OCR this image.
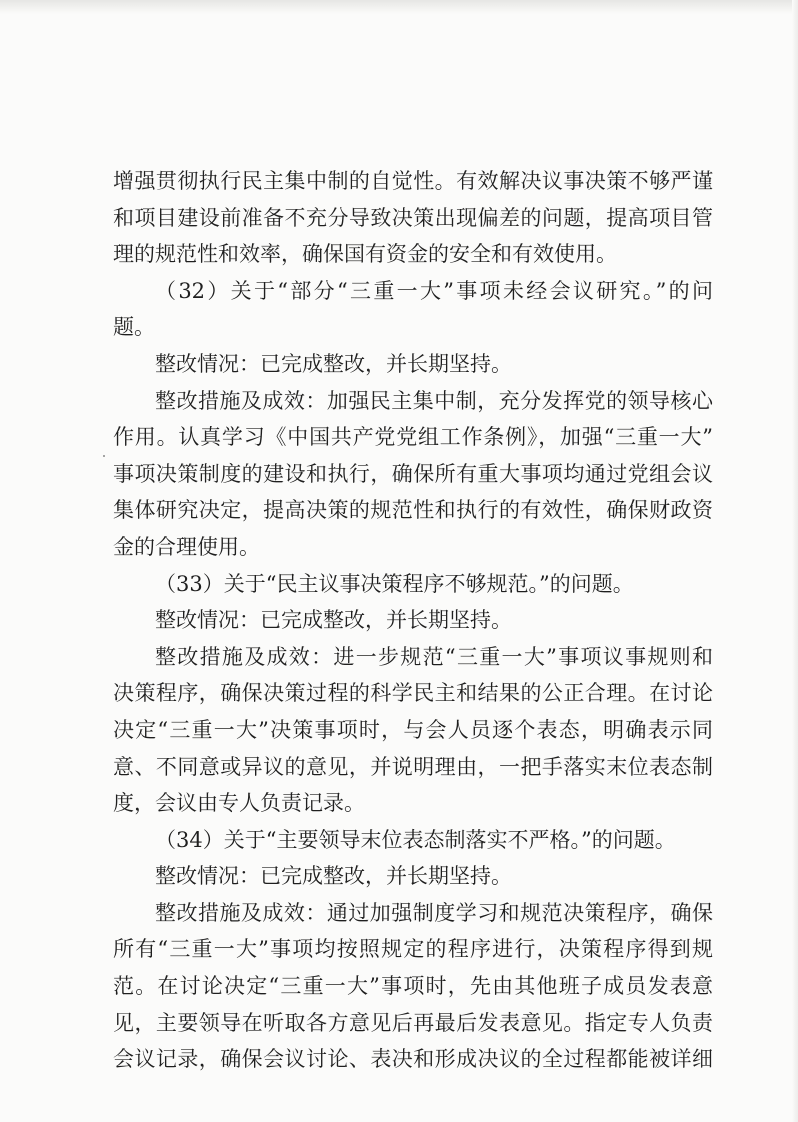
增强贯彻执行民主集中制的自觉性。有效解决议事决策不够严谨
和项目建设前准备不充分导致决策出现偏差的问题，提高项目管
理的规范性和效率，确保国有资金的安全和有效使用。
（32）关于“部分“三重一大”事项未经会议研究。”的问
题。
整改情况：已完成整改，并长期坚持。
整改措施及成效：加强民主集中制，充分发挥党的领导核心
作用。认真学习《中国共产党党组工作条例》，加强“三重一大”
事项决策制度的建设和执行，确保所有重大事项均通过党组会议
集体研究决定，提高决策的规范性和执行的有效性，确保财政资
金的合理使用。
（33）关于“民主议事决策程序不够规范。”的问题。
整改情况：已完成整改，并长期坚持。
整改措施及成效：进一步规范“三重一大”事项议事规则和
决策程序，确保决策过程的科学民主和结果的公正合理。在讨论
决定“三重一大”决策事项时，与会人员逐个表态，明确表示同
意、不同意或异议的意见，并说明理由，一把手落实末位表态制
度，会议由专人负责记录。
（34）关于“主要领导末位表态制落实不严格。”的问题。
整改情况：已完成整改，并长期坚持。
整改措施及成效：通过加强制度学习和规范决策程序，确保
所有“三重一大”事项均按照规定的程序进行，决策程序得到规
范。在讨论决定“三重一大”事项时，先由其他班子成员发表意
见，主要领导在听取各方意见后再最后发表意见。指定专人负责
会议记录，确保会议讨论、表决和形成决议的全过程都能被详细
